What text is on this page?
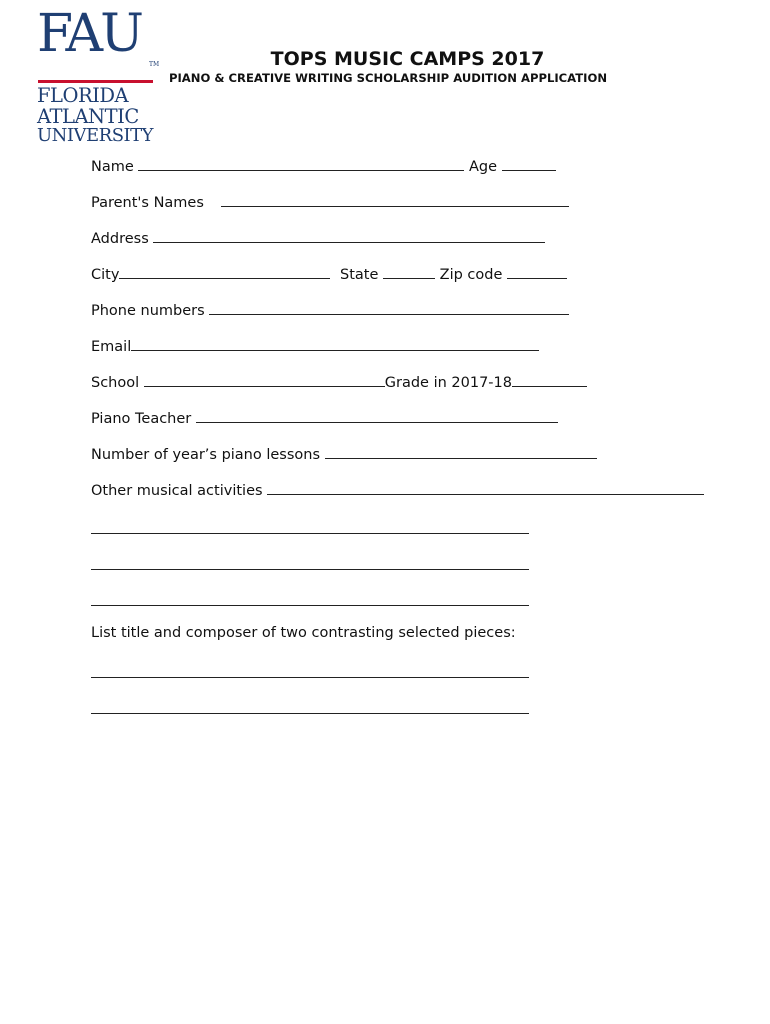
FAU
TM
FLORIDA
ATLANTIC
UNIVERSITY
TOPS MUSIC CAMPS 2017

PIANO & CREATIVE WRITING SCHOLARSHIP AUDITION APPLICATION

Name	Age
Parent's Names
Address
City	State	Zip code
Phone numbers
Email
School	Grade in 2017-18
Piano Teacher
Number of year’s piano lessons
Other musical activities
List title and composer of two contrasting selected pieces:
